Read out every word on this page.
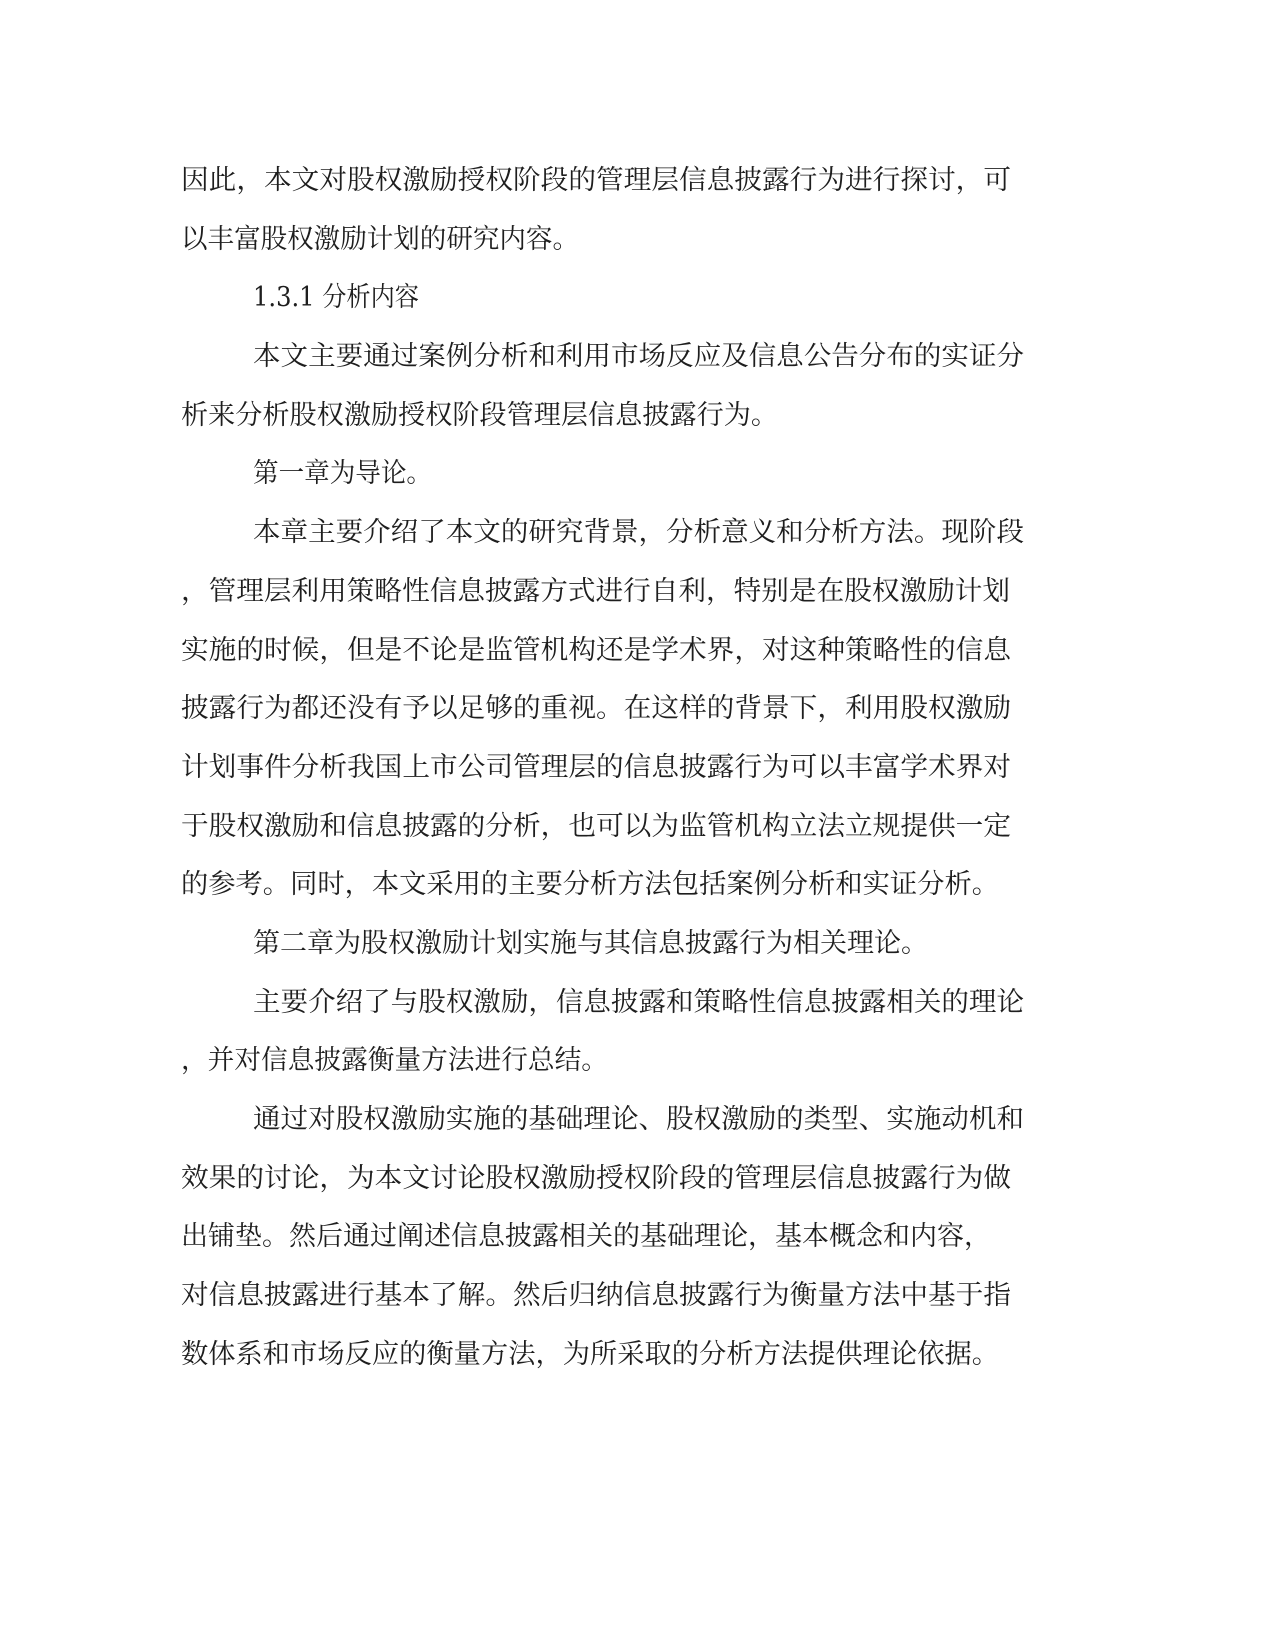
因此，本文对股权激励授权阶段的管理层信息披露行为进行探讨，可
以丰富股权激励计划的研究内容。
1.3.1 分析内容
本文主要通过案例分析和利用市场反应及信息公告分布的实证分
析来分析股权激励授权阶段管理层信息披露行为。
第一章为导论。
本章主要介绍了本文的研究背景，分析意义和分析方法。现阶段
，管理层利用策略性信息披露方式进行自利，特别是在股权激励计划
实施的时候，但是不论是监管机构还是学术界，对这种策略性的信息
披露行为都还没有予以足够的重视。在这样的背景下，利用股权激励
计划事件分析我国上市公司管理层的信息披露行为可以丰富学术界对
于股权激励和信息披露的分析，也可以为监管机构立法立规提供一定
的参考。同时，本文采用的主要分析方法包括案例分析和实证分析。
第二章为股权激励计划实施与其信息披露行为相关理论。
主要介绍了与股权激励，信息披露和策略性信息披露相关的理论
，并对信息披露衡量方法进行总结。
通过对股权激励实施的基础理论、股权激励的类型、实施动机和
效果的讨论，为本文讨论股权激励授权阶段的管理层信息披露行为做
出铺垫。然后通过阐述信息披露相关的基础理论，基本概念和内容，
对信息披露进行基本了解。然后归纳信息披露行为衡量方法中基于指
数体系和市场反应的衡量方法，为所采取的分析方法提供理论依据。
